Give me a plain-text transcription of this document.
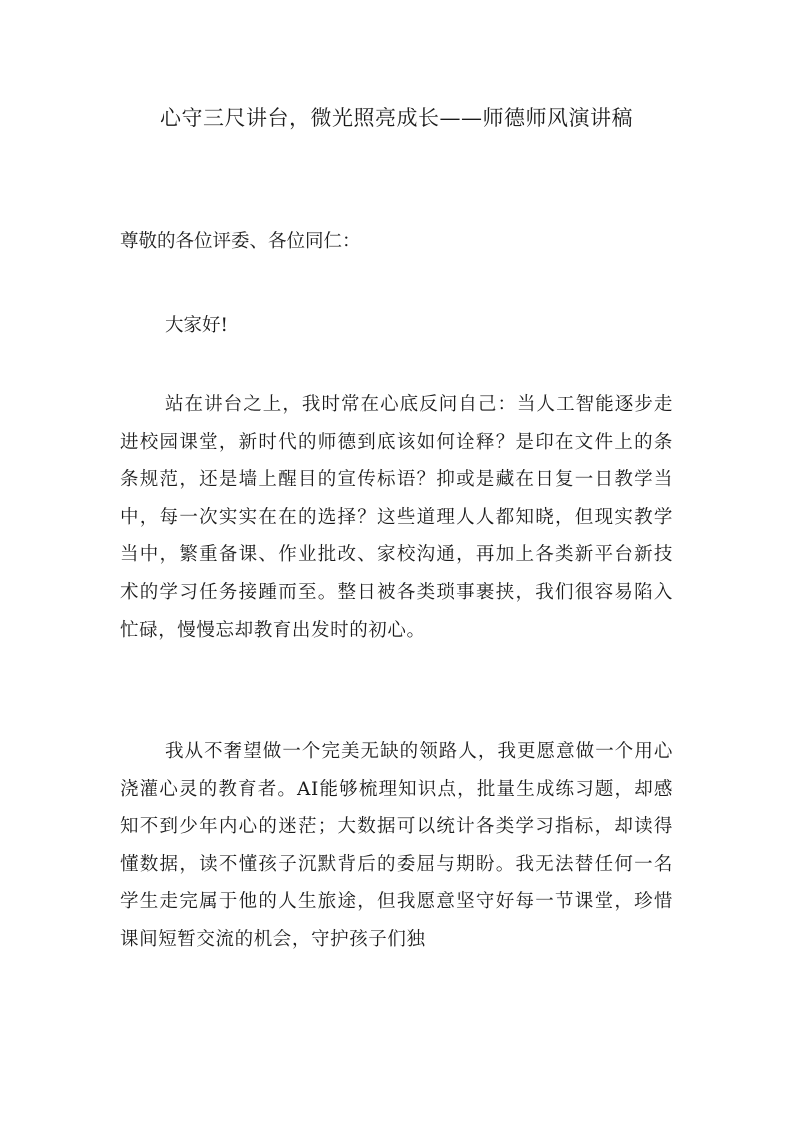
心守三尺讲台，微光照亮成长——师德师风演讲稿
尊敬的各位评委、各位同仁：
大家好!

站在讲台之上，我时常在心底反问自己：当人工智能逐步走进校园课堂，新时代的师德到底该如何诠释？是印在文件上的条条规范，还是墙上醒目的宣传标语？抑或是藏在日复一日教学当中，每一次实实在在的选择？这些道理人人都知晓，但现实教学当中，繁重备课、作业批改、家校沟通，再加上各类新平台新技术的学习任务接踵而至。整日被各类琐事裹挟，我们很容易陷入忙碌，慢慢忘却教育出发时的初心。

我从不奢望做一个完美无缺的领路人，我更愿意做一个用心浇灌心灵的教育者。AI能够梳理知识点，批量生成练习题，却感知不到少年内心的迷茫；大数据可以统计各类学习指标，却读得懂数据，读不懂孩子沉默背后的委屈与期盼。我无法替任何一名学生走完属于他的人生旅途，但我愿意坚守好每一节课堂，珍惜课间短暂交流的机会，守护孩子们独
